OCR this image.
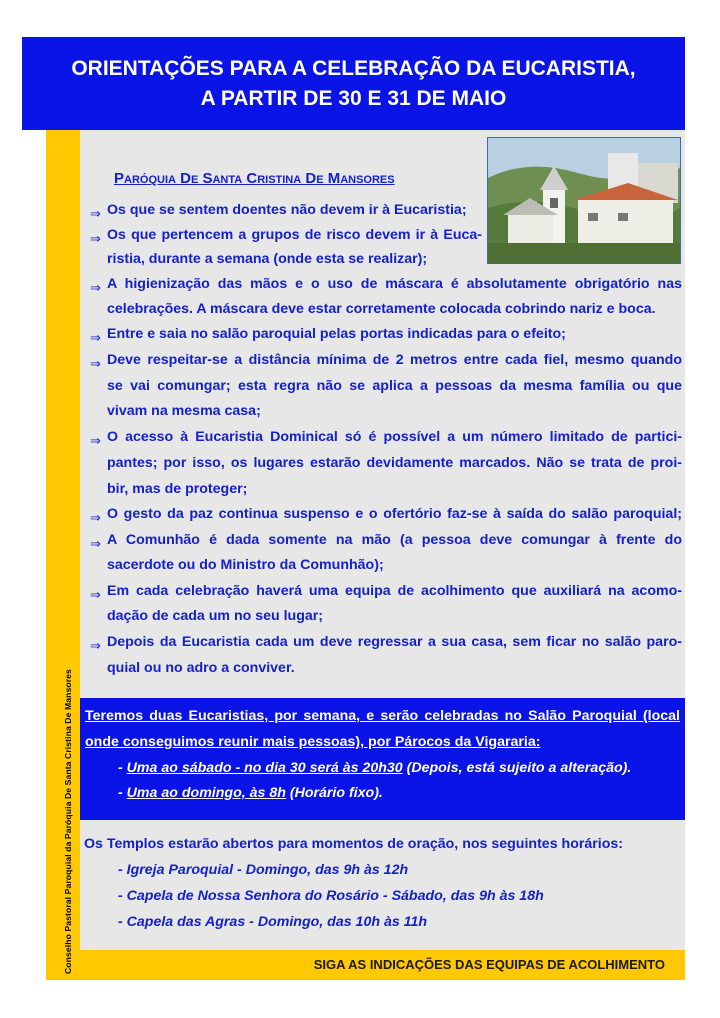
ORIENTAÇÕES PARA A CELEBRAÇÃO DA EUCARISTIA,
A PARTIR DE 30 E 31 DE MAIO
Conselho Pastoral Paroquial da Paróquia De Santa Cristina De Mansores
Paróquia De Santa Cristina De Mansores
⇒
⇒
⇒
⇒
⇒
⇒
⇒
⇒
⇒
⇒
Os que se sentem doentes não devem ir à Eucaristia;
Os que pertencem a grupos de risco devem ir à Euca-
ristia, durante a semana (onde esta se realizar);
A higienização das mãos e o uso de máscara é absolutamente obrigatório nas
celebrações. A máscara deve estar corretamente colocada cobrindo nariz e boca.
Entre e saia no salão paroquial pelas portas indicadas para o efeito;
Deve respeitar-se a distância mínima de 2 metros entre cada fiel, mesmo quando
se vai comungar; esta regra não se aplica a pessoas da mesma família ou que
vivam na mesma casa;
O acesso à Eucaristia Dominical só é possível a um número limitado de partici-
pantes; por isso, os lugares estarão devidamente marcados. Não se trata de proi-
bir, mas de proteger;
O gesto da paz continua suspenso e o ofertório faz-se à saída do salão paroquial;
A Comunhão é dada somente na mão (a pessoa deve comungar à frente do
sacerdote ou do Ministro da Comunhão);
Em cada celebração haverá uma equipa de acolhimento que auxiliará na acomo-
dação de cada um no seu lugar;
Depois da Eucaristia cada um deve regressar a sua casa, sem ficar no salão paro-
quial ou no adro a conviver.
Teremos duas Eucaristias, por semana, e serão celebradas no Salão Paroquial (local
onde conseguimos reunir mais pessoas), por Párocos da Vigararia:
- Uma ao sábado - no dia 30 será às 20h30 (Depois, está sujeito a alteração).
- Uma ao domingo, às 8h (Horário fixo).
Os Templos estarão abertos para momentos de oração, nos seguintes horários:
- Igreja Paroquial - Domingo, das 9h às 12h
- Capela de Nossa Senhora do Rosário - Sábado, das 9h às 18h
- Capela das Agras - Domingo, das 10h às 11h
SIGA AS INDICAÇÕES DAS EQUIPAS DE ACOLHIMENTO
